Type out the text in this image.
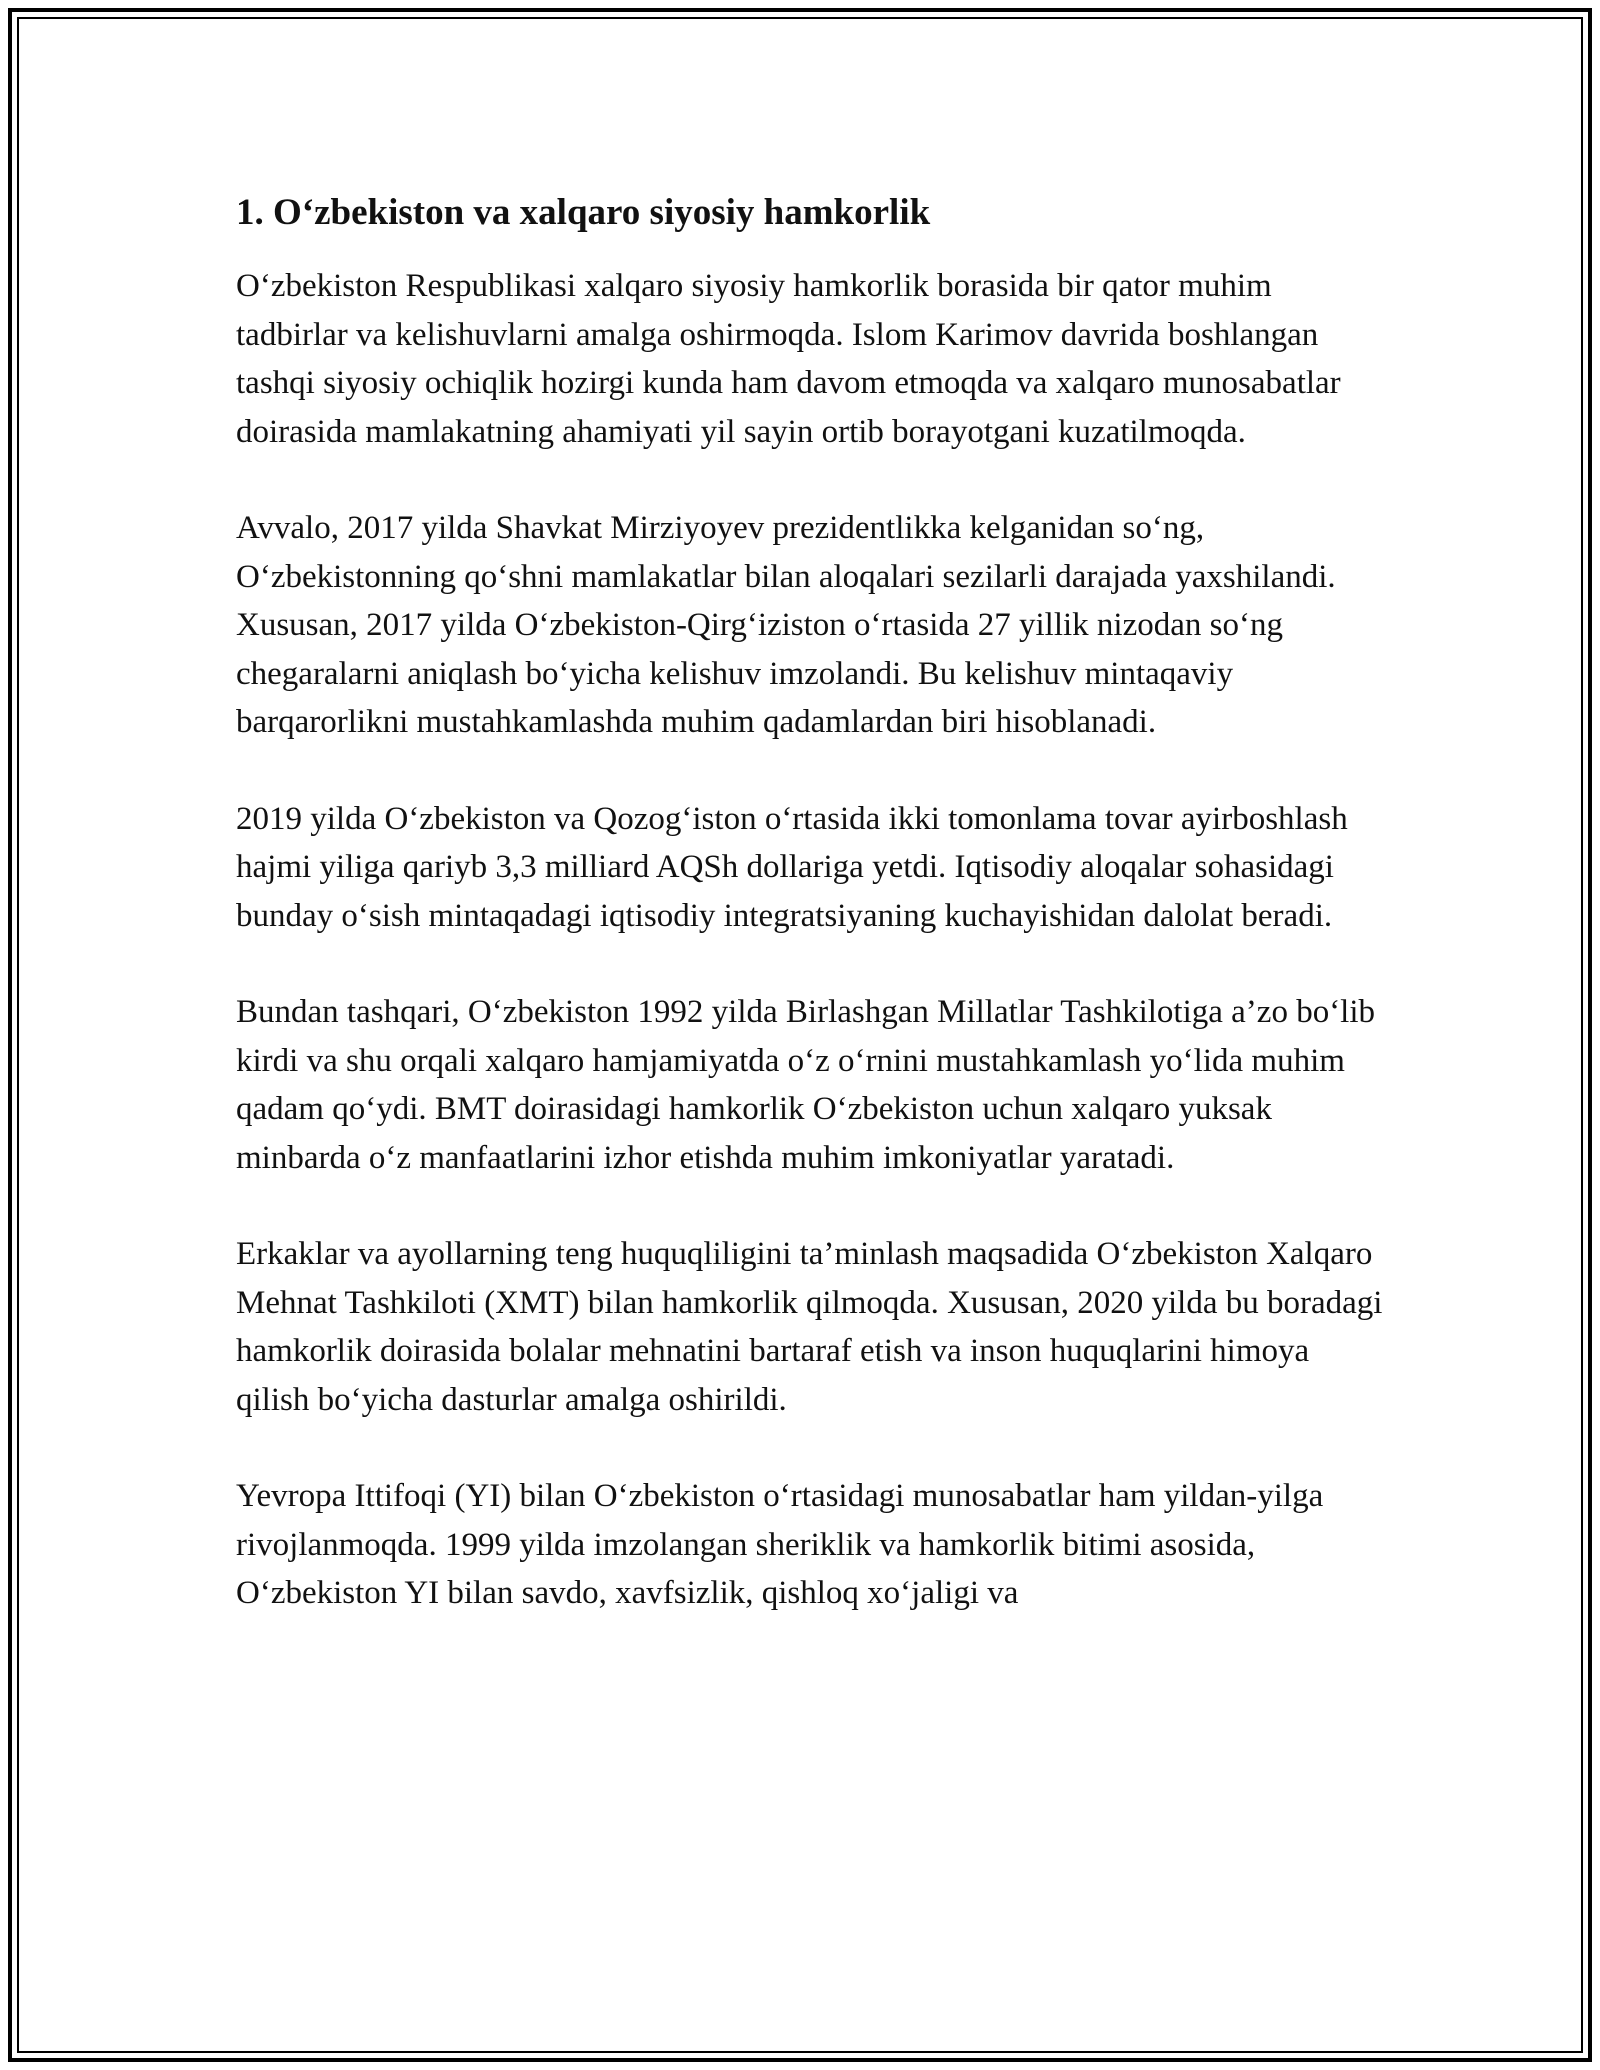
1. O‘zbekiston va xalqaro siyosiy hamkorlik

O‘zbekiston Respublikasi xalqaro siyosiy hamkorlik borasida bir qator muhim tadbirlar va kelishuvlarni amalga oshirmoqda. Islom Karimov davrida boshlangan tashqi siyosiy ochiqlik hozirgi kunda ham davom etmoqda va xalqaro munosabatlar doirasida mamlakatning ahamiyati yil sayin ortib borayotgani kuzatilmoqda.

Avvalo, 2017 yilda Shavkat Mirziyoyev prezidentlikka kelganidan so‘ng, O‘zbekistonning qo‘shni mamlakatlar bilan aloqalari sezilarli darajada yaxshilandi. Xususan, 2017 yilda O‘zbekiston-Qirg‘iziston o‘rtasida 27 yillik nizodan so‘ng chegaralarni aniqlash bo‘yicha kelishuv imzolandi. Bu kelishuv mintaqaviy barqarorlikni mustahkamlashda muhim qadamlardan biri hisoblanadi.

2019 yilda O‘zbekiston va Qozog‘iston o‘rtasida ikki tomonlama tovar ayirboshlash hajmi yiliga qariyb 3,3 milliard AQSh dollariga yetdi. Iqtisodiy aloqalar sohasidagi bunday o‘sish mintaqadagi iqtisodiy integratsiyaning kuchayishidan dalolat beradi.

Bundan tashqari, O‘zbekiston 1992 yilda Birlashgan Millatlar Tashkilotiga a’zo bo‘lib kirdi va shu orqali xalqaro hamjamiyatda o‘z o‘rnini mustahkamlash yo‘lida muhim qadam qo‘ydi. BMT doirasidagi hamkorlik O‘zbekiston uchun xalqaro yuksak minbarda o‘z manfaatlarini izhor etishda muhim imkoniyatlar yaratadi.

Erkaklar va ayollarning teng huquqliligini ta’minlash maqsadida O‘zbekiston Xalqaro Mehnat Tashkiloti (XMT) bilan hamkorlik qilmoqda. Xususan, 2020 yilda bu boradagi hamkorlik doirasida bolalar mehnatini bartaraf etish va inson huquqlarini himoya qilish bo‘yicha dasturlar amalga oshirildi.

Yevropa Ittifoqi (YI) bilan O‘zbekiston o‘rtasidagi munosabatlar ham yildan-yilga rivojlanmoqda. 1999 yilda imzolangan sheriklik va hamkorlik bitimi asosida, O‘zbekiston YI bilan savdo, xavfsizlik, qishloq xo‘jaligi va
